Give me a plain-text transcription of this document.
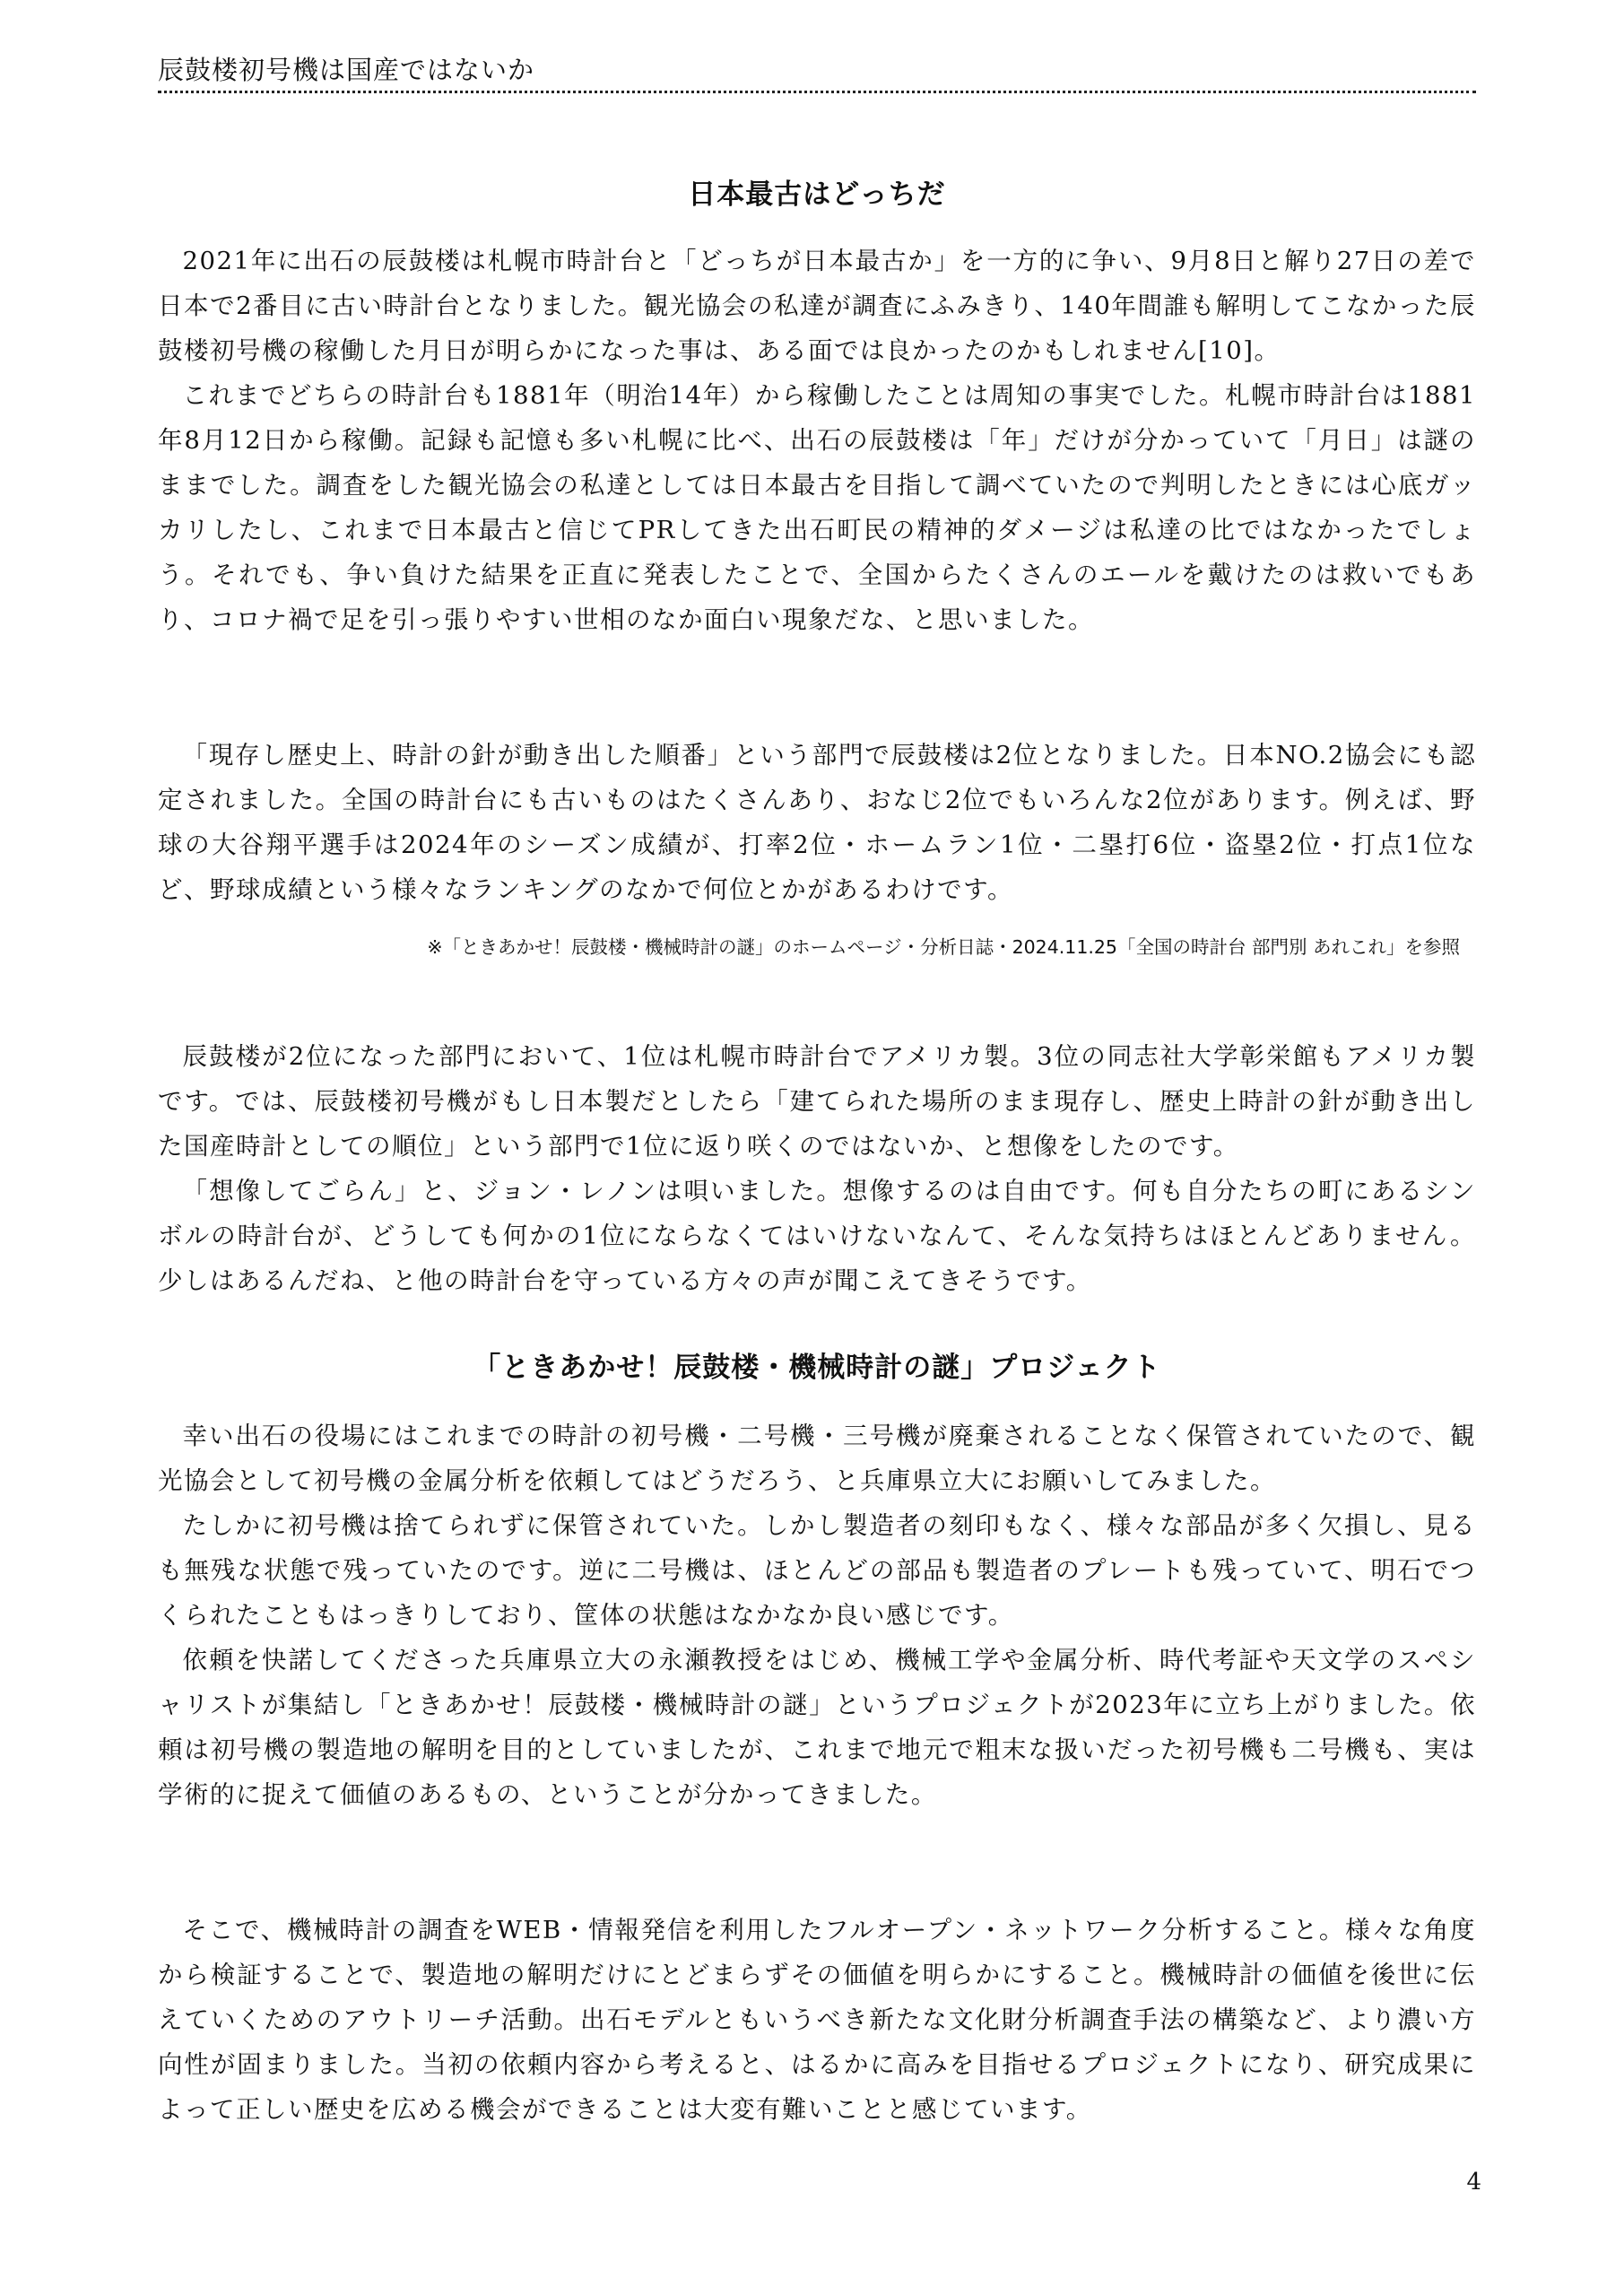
辰鼓楼初号機は国産ではないか
日本最古はどっちだ

2021年に出石の辰鼓楼は札幌市時計台と「どっちが日本最古か」を一方的に争い、9月8日と解り27日の差で日本で2番目に古い時計台となりました。観光協会の私達が調査にふみきり、140年間誰も解明してこなかった辰鼓楼初号機の稼働した月日が明らかになった事は、ある面では良かったのかもしれません[10]。

これまでどちらの時計台も1881年（明治14年）から稼働したことは周知の事実でした。札幌市時計台は1881年8月12日から稼働。記録も記憶も多い札幌に比べ、出石の辰鼓楼は「年」だけが分かっていて「月日」は謎のままでした。調査をした観光協会の私達としては日本最古を目指して調べていたので判明したときには心底ガッカリしたし、これまで日本最古と信じてPRしてきた出石町民の精神的ダメージは私達の比ではなかったでしょう。それでも、争い負けた結果を正直に発表したことで、全国からたくさんのエールを戴けたのは救いでもあり、コロナ禍で足を引っ張りやすい世相のなか面白い現象だな、と思いました。

「現存し歴史上、時計の針が動き出した順番」という部門で辰鼓楼は2位となりました。日本NO.2協会にも認定されました。全国の時計台にも古いものはたくさんあり、おなじ2位でもいろんな2位があります。例えば、野球の大谷翔平選手は2024年のシーズン成績が、打率2位・ホームラン1位・二塁打6位・盗塁2位・打点1位など、野球成績という様々なランキングのなかで何位とかがあるわけです。

※「ときあかせ！辰鼓楼・機械時計の謎」のホームページ・分析日誌・2024.11.25「全国の時計台 部門別 あれこれ」を参照

辰鼓楼が2位になった部門において、1位は札幌市時計台でアメリカ製。3位の同志社大学彰栄館もアメリカ製です。では、辰鼓楼初号機がもし日本製だとしたら「建てられた場所のまま現存し、歴史上時計の針が動き出した国産時計としての順位」という部門で1位に返り咲くのではないか、と想像をしたのです。

「想像してごらん」と、ジョン・レノンは唄いました。想像するのは自由です。何も自分たちの町にあるシンボルの時計台が、どうしても何かの1位にならなくてはいけないなんて、そんな気持ちはほとんどありません。少しはあるんだね、と他の時計台を守っている方々の声が聞こえてきそうです。

「ときあかせ！辰鼓楼・機械時計の謎」プロジェクト

幸い出石の役場にはこれまでの時計の初号機・二号機・三号機が廃棄されることなく保管されていたので、観光協会として初号機の金属分析を依頼してはどうだろう、と兵庫県立大にお願いしてみました。

たしかに初号機は捨てられずに保管されていた。しかし製造者の刻印もなく、様々な部品が多く欠損し、見るも無残な状態で残っていたのです。逆に二号機は、ほとんどの部品も製造者のプレートも残っていて、明石でつくられたこともはっきりしており、筐体の状態はなかなか良い感じです。

依頼を快諾してくださった兵庫県立大の永瀬教授をはじめ、機械工学や金属分析、時代考証や天文学のスペシャリストが集結し「ときあかせ！辰鼓楼・機械時計の謎」というプロジェクトが2023年に立ち上がりました。依頼は初号機の製造地の解明を目的としていましたが、これまで地元で粗末な扱いだった初号機も二号機も、実は学術的に捉えて価値のあるもの、ということが分かってきました。

そこで、機械時計の調査をWEB・情報発信を利用したフルオープン・ネットワーク分析すること。様々な角度から検証することで、製造地の解明だけにとどまらずその価値を明らかにすること。機械時計の価値を後世に伝えていくためのアウトリーチ活動。出石モデルともいうべき新たな文化財分析調査手法の構築など、より濃い方向性が固まりました。当初の依頼内容から考えると、はるかに高みを目指せるプロジェクトになり、研究成果によって正しい歴史を広める機会ができることは大変有難いことと感じています。

4
